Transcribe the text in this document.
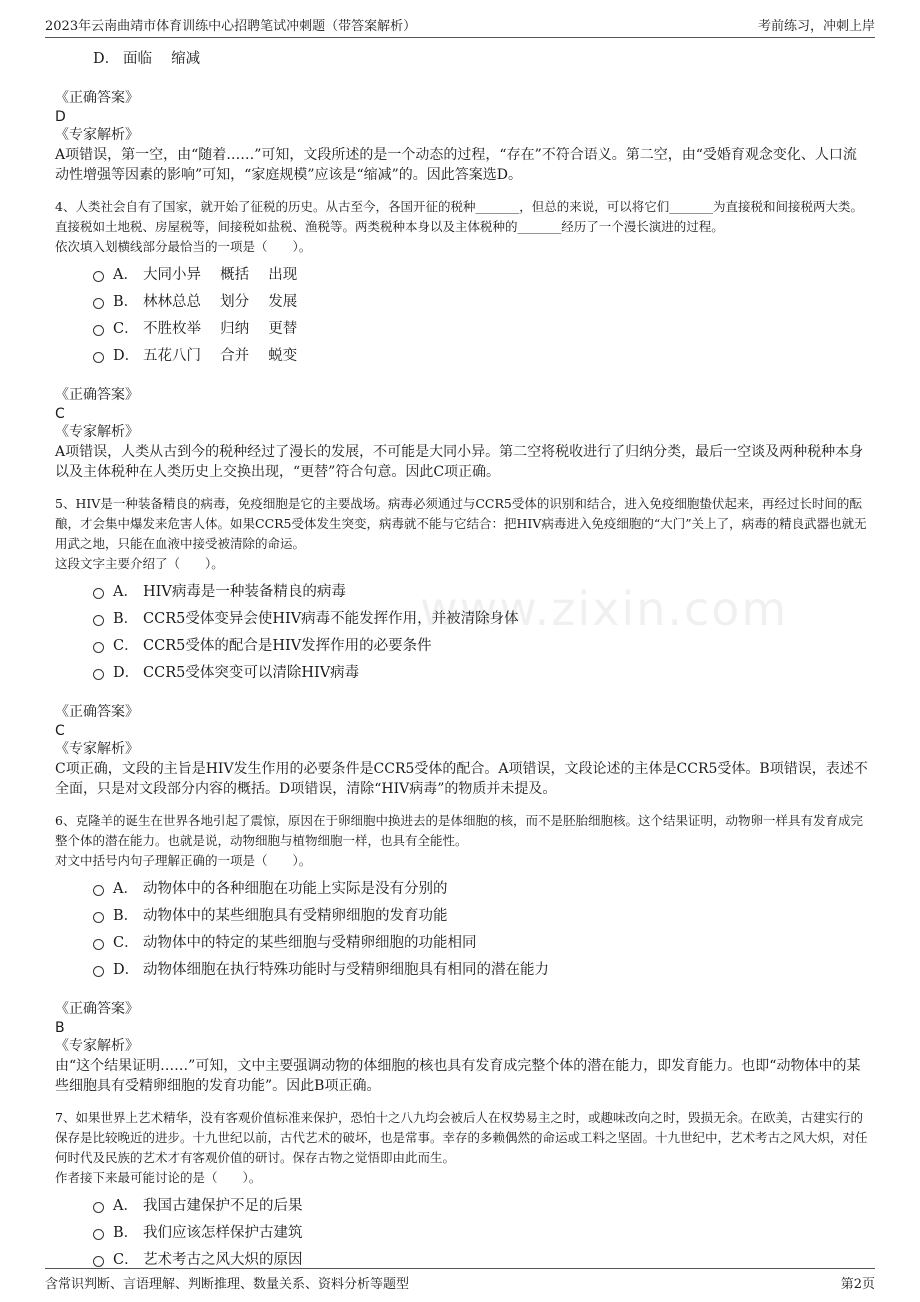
2023年云南曲靖市体育训练中心招聘笔试冲刺题（带答案解析）	考前练习，冲刺上岸
www.zixin.com
D． 面临　 缩减
《正确答案》
D
《专家解析》
A项错误，第一空，由“随着……”可知，文段所述的是一个动态的过程，“存在”不符合语义。第二空，由“受婚育观念变化、人口流动性增强等因素的影响”可知，“家庭规模”应该是“缩减”的。因此答案选D。
4、人类社会自有了国家，就开始了征税的历史。从古至今，各国开征的税种_______，但总的来说，可以将它们_______为直接税和间接税两大类。直接税如土地税、房屋税等，间接税如盐税、渔税等。两类税种本身以及主体税种的_______经历了一个漫长演进的过程。
依次填入划横线部分最恰当的一项是（　　）。
A． 大同小异　 概括　 出现
B． 林林总总　 划分　 发展
C． 不胜枚举　 归纳　 更替
D． 五花八门　 合并　 蜕变
《正确答案》
C
《专家解析》
A项错误，人类从古到今的税种经过了漫长的发展，不可能是大同小异。第二空将税收进行了归纳分类，最后一空谈及两种税种本身以及主体税种在人类历史上交换出现，“更替”符合句意。因此C项正确。
5、HIV是一种装备精良的病毒，免疫细胞是它的主要战场。病毒必须通过与CCR5受体的识别和结合，进入免疫细胞蛰伏起来，再经过长时间的酝酿，才会集中爆发来危害人体。如果CCR5受体发生突变，病毒就不能与它结合：把HIV病毒进入免疫细胞的“大门”关上了，病毒的精良武器也就无用武之地，只能在血液中接受被清除的命运。
这段文字主要介绍了（　　）。
A． HIV病毒是一种装备精良的病毒
B． CCR5受体变异会使HIV病毒不能发挥作用，并被清除身体
C． CCR5受体的配合是HIV发挥作用的必要条件
D． CCR5受体突变可以清除HIV病毒
《正确答案》
C
《专家解析》
C项正确，文段的主旨是HIV发生作用的必要条件是CCR5受体的配合。A项错误，文段论述的主体是CCR5受体。B项错误，表述不全面，只是对文段部分内容的概括。D项错误，清除“HIV病毒”的物质并未提及。
6、克隆羊的诞生在世界各地引起了震惊，原因在于卵细胞中换进去的是体细胞的核，而不是胚胎细胞核。这个结果证明，动物卵一样具有发育成完整个体的潜在能力。也就是说，动物细胞与植物细胞一样，也具有全能性。
对文中括号内句子理解正确的一项是（　　）。
A． 动物体中的各种细胞在功能上实际是没有分别的
B． 动物体中的某些细胞具有受精卵细胞的发育功能
C． 动物体中的特定的某些细胞与受精卵细胞的功能相同
D． 动物体细胞在执行特殊功能时与受精卵细胞具有相同的潜在能力
《正确答案》
B
《专家解析》
由“这个结果证明……”可知，文中主要强调动物的体细胞的核也具有发育成完整个体的潜在能力，即发育能力。也即“动物体中的某些细胞具有受精卵细胞的发育功能”。因此B项正确。
7、如果世界上艺术精华，没有客观价值标准来保护，恐怕十之八九均会被后人在权势易主之时，或趣味改向之时，毁损无余。在欧美，古建实行的保存是比较晚近的进步。十九世纪以前，古代艺术的破坏，也是常事。幸存的多赖偶然的命运或工料之坚固。十九世纪中，艺术考古之风大炽，对任何时代及民族的艺术才有客观价值的研讨。保存古物之觉悟即由此而生。
作者接下来最可能讨论的是（　　）。
A． 我国古建保护不足的后果
B． 我们应该怎样保护古建筑
C． 艺术考古之风大炽的原因
含常识判断、言语理解、判断推理、数量关系、资料分析等题型	第2页
